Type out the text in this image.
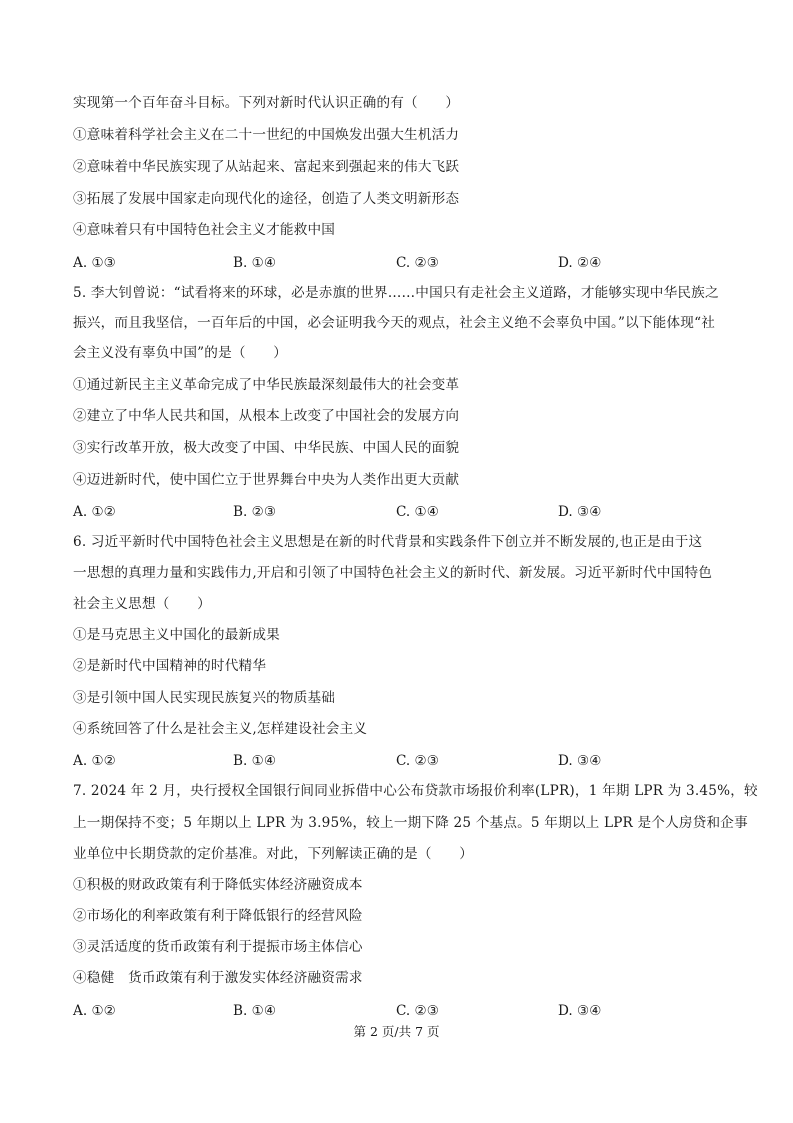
实现第一个百年奋斗目标。下列对新时代认识正确的有（　　）
①意味着科学社会主义在二十一世纪的中国焕发出强大生机活力
②意味着中华民族实现了从站起来、富起来到强起来的伟大飞跃
③拓展了发展中国家走向现代化的途径，创造了人类文明新形态
④意味着只有中国特色社会主义才能救中国
A. ①③	B. ①④	C. ②③	D. ②④
5. 李大钊曾说：“试看将来的环球，必是赤旗的世界……中国只有走社会主义道路，才能够实现中华民族之
振兴，而且我坚信，一百年后的中国，必会证明我今天的观点，社会主义绝不会辜负中国。”以下能体现“社
会主义没有辜负中国”的是（　　）
①通过新民主主义革命完成了中华民族最深刻最伟大的社会变革
②建立了中华人民共和国，从根本上改变了中国社会的发展方向
③实行改革开放，极大改变了中国、中华民族、中国人民的面貌
④迈进新时代，使中国伫立于世界舞台中央为人类作出更大贡献
A. ①②	B. ②③	C. ①④	D. ③④
6. 习近平新时代中国特色社会主义思想是在新的时代背景和实践条件下创立并不断发展的,也正是由于这
一思想的真理力量和实践伟力,开启和引领了中国特色社会主义的新时代、新发展。习近平新时代中国特色
社会主义思想（　　）
①是马克思主义中国化的最新成果
②是新时代中国精神的时代精华
③是引领中国人民实现民族复兴的物质基础
④系统回答了什么是社会主义,怎样建设社会主义
A. ①②	B. ①④	C. ②③	D. ③④
7. 2024 年 2 月，央行授权全国银行间同业拆借中心公布贷款市场报价利率(LPR)，1 年期 LPR 为 3.45%，较
上一期保持不变；5 年期以上 LPR 为 3.95%，较上一期下降 25 个基点。5 年期以上 LPR 是个人房贷和企事
业单位中长期贷款的定价基准。对此，下列解读正确的是（　　）
①积极的财政政策有利于降低实体经济融资成本
②市场化的利率政策有利于降低银行的经营风险
③灵活适度的货币政策有利于提振市场主体信心
④稳健　货币政策有利于激发实体经济融资需求
A. ①②	B. ①④	C. ②③	D. ③④
第 2 页/共 7 页
